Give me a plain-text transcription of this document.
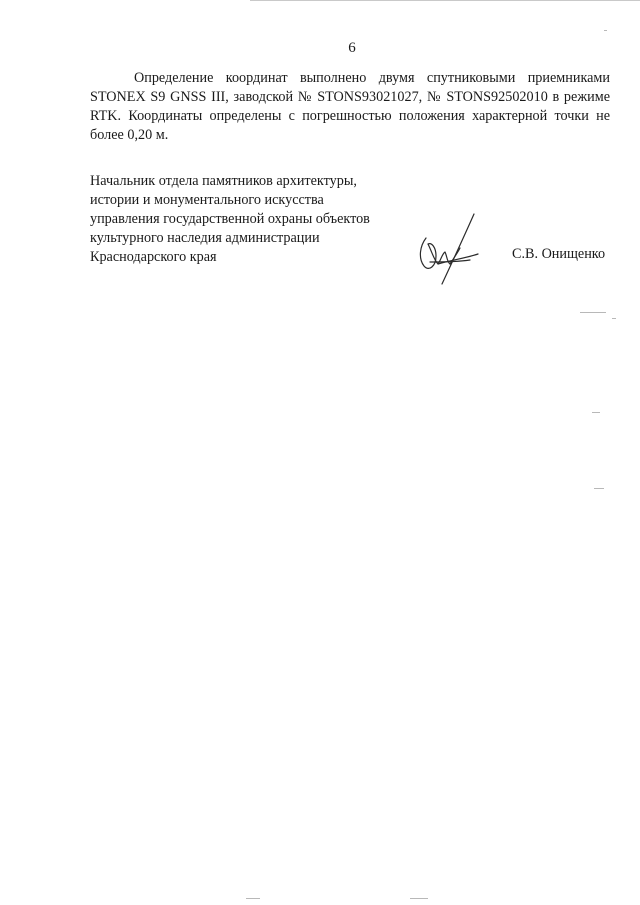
6

Определение координат выполнено двумя спутниковыми приемниками STONEX S9 GNSS III, заводской № STONS93021027, № STONS92502010 в режиме RTK. Координаты определены с погрешностью положения характерной точки не более 0,20 м.

Начальник отдела памятников архитектуры,
истории и монументального искусства
управления государственной охраны объектов
культурного наследия администрации
Краснодарского края	С.В. Онищенко
